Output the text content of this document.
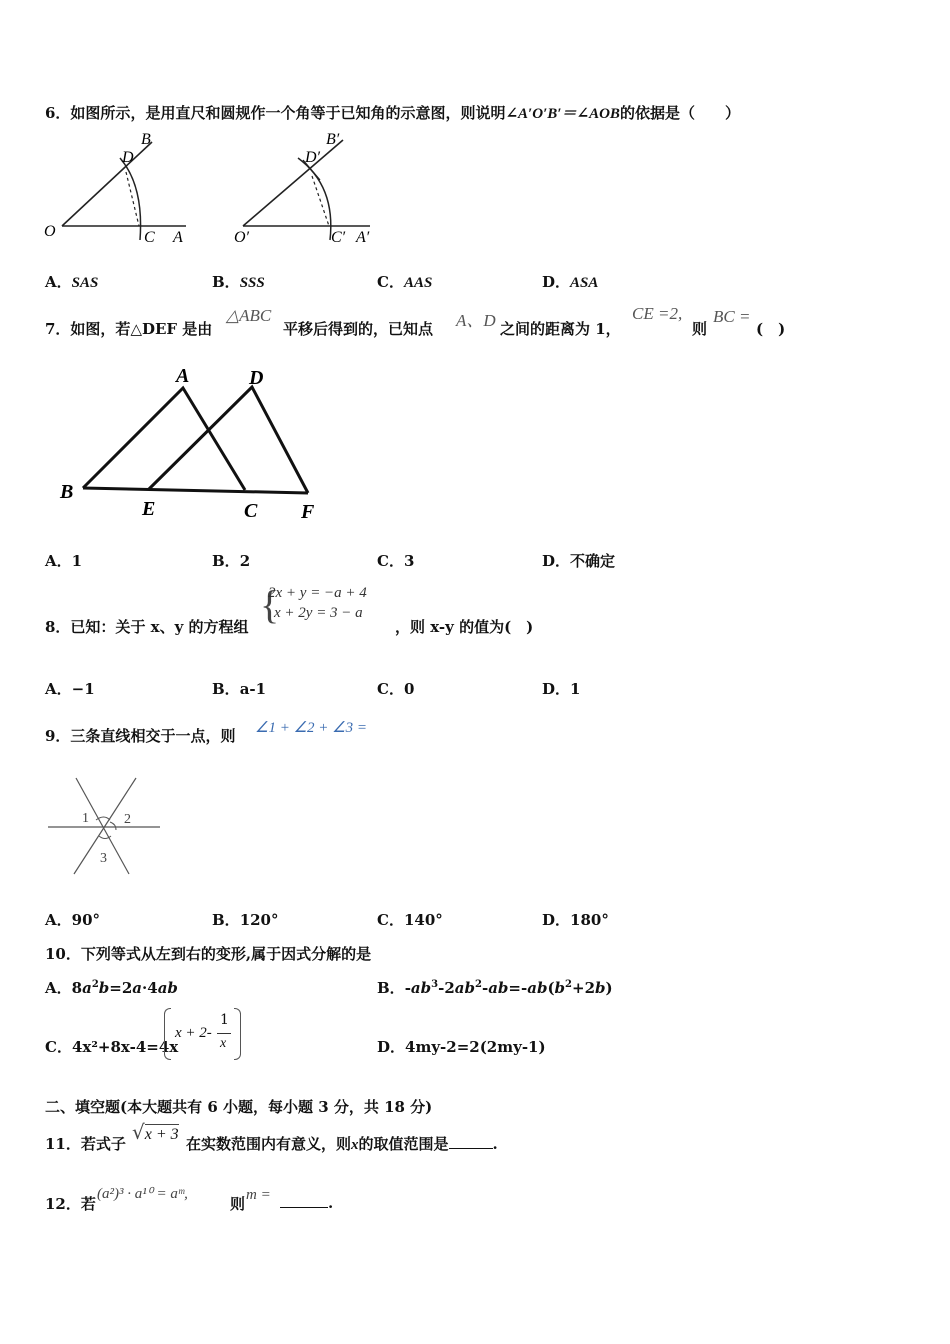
6．如图所示，是用直尺和圆规作一个角等于已知角的示意图，则说明∠A′O′B′＝∠AOB的依据是（　　）
B
D
O	C A
B′
D′
O′	C′ A′
A．SAS	B．SSS	C．AAS	D．ASA
7．如图，若△DEF 是由
△ABC
平移后得到的，已知点 A、D 之间的距离为 1，
CE =2,
则
BC =
(　)
A	D
B
E	C F
A．1	B．2	C．3	D．不确定
8．已知：关于 x、y 的方程组 {
2x + y = −a + 4
x + 2y = 3 − a
，则 x-y 的值为(　)
A．−1	B．a-1	C．0	D．1
9．三条直线相交于一点，则 ∠1 + ∠2 + ∠3 =
1	2
3
A．90°	B．120°	C．140°	D．180°
10．下列等式从左到右的变形,属于因式分解的是
A．$8a^2b=2a\cdot 4ab$	B．$-ab^3-2ab^2-ab=-ab(b^2+2b)$
C．4x²+8x-4=4x
x + 2-
1
x	D．4my-2=2(2my-1)
二、填空题(本大题共有 6 小题，每小题 3 分，共 18 分)
11．若式子 √x + 3
在实数范围内有意义，则x的取值范围是	.
12．若
(a²)³ · a¹⁰ = aᵐ,
则 m =	.
